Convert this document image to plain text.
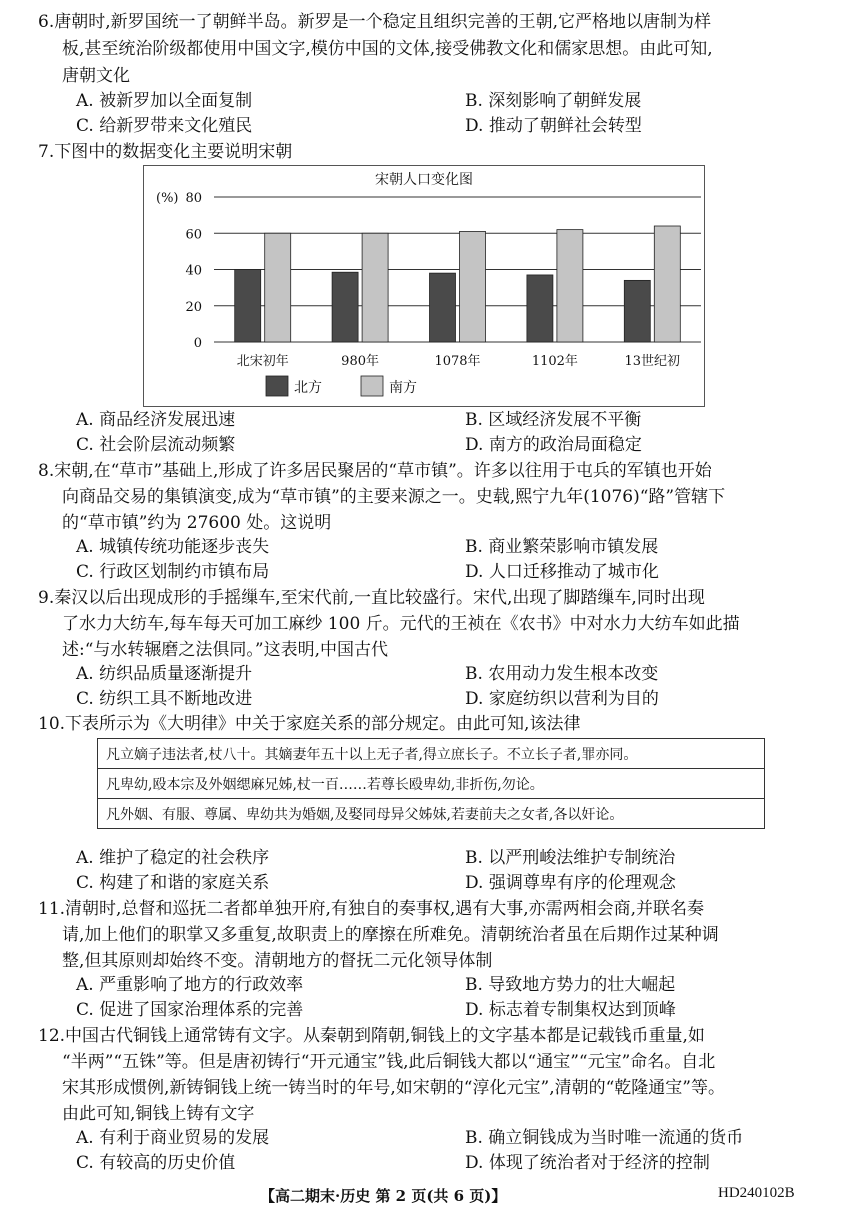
6.唐朝时,新罗国统一了朝鲜半岛。新罗是一个稳定且组织完善的王朝,它严格地以唐制为样
板,甚至统治阶级都使用中国文字,模仿中国的文体,接受佛教文化和儒家思想。由此可知,
唐朝文化
A. 被新罗加以全面复制	B. 深刻影响了朝鲜发展
C. 给新罗带来文化殖民	D. 推动了朝鲜社会转型
7.下图中的数据变化主要说明宋朝
宋朝人口变化图
(%)
0
20
40
60
80
北宋初年	980年	1078年	1102年	13世纪初
北方	南方
A. 商品经济发展迅速	B. 区域经济发展不平衡
C. 社会阶层流动频繁	D. 南方的政治局面稳定
8.宋朝,在“草市”基础上,形成了许多居民聚居的“草市镇”。许多以往用于屯兵的军镇也开始
向商品交易的集镇演变,成为“草市镇”的主要来源之一。史载,熙宁九年(1076)“路”管辖下
的“草市镇”约为 27600 处。这说明
A. 城镇传统功能逐步丧失	B. 商业繁荣影响市镇发展
C. 行政区划制约市镇布局	D. 人口迁移推动了城市化
9.秦汉以后出现成形的手摇缫车,至宋代前,一直比较盛行。宋代,出现了脚踏缫车,同时出现
了水力大纺车,每车每天可加工麻纱 100 斤。元代的王祯在《农书》中对水力大纺车如此描
述:“与水转辗磨之法俱同。”这表明,中国古代
A. 纺织品质量逐渐提升	B. 农用动力发生根本改变
C. 纺织工具不断地改进	D. 家庭纺织以营利为目的
10.下表所示为《大明律》中关于家庭关系的部分规定。由此可知,该法律
凡立嫡子违法者,杖八十。其嫡妻年五十以上无子者,得立庶长子。不立长子者,罪亦同。
凡卑幼,殴本宗及外姻缌麻兄姊,杖一百……若尊长殴卑幼,非折伤,勿论。
凡外姻、有服、尊属、卑幼共为婚姻,及娶同母异父姊妹,若妻前夫之女者,各以奸论。
A. 维护了稳定的社会秩序	B. 以严刑峻法维护专制统治
C. 构建了和谐的家庭关系	D. 强调尊卑有序的伦理观念
11.清朝时,总督和巡抚二者都单独开府,有独自的奏事权,遇有大事,亦需两相会商,并联名奏
请,加上他们的职掌又多重复,故职责上的摩擦在所难免。清朝统治者虽在后期作过某种调
整,但其原则却始终不变。清朝地方的督抚二元化领导体制
A. 严重影响了地方的行政效率	B. 导致地方势力的壮大崛起
C. 促进了国家治理体系的完善	D. 标志着专制集权达到顶峰
12.中国古代铜钱上通常铸有文字。从秦朝到隋朝,铜钱上的文字基本都是记载钱币重量,如
“半两”“五铢”等。但是唐初铸行“开元通宝”钱,此后铜钱大都以“通宝”“元宝”命名。自北
宋其形成惯例,新铸铜钱上统一铸当时的年号,如宋朝的“淳化元宝”,清朝的“乾隆通宝”等。
由此可知,铜钱上铸有文字
A. 有利于商业贸易的发展	B. 确立铜钱成为当时唯一流通的货币
C. 有较高的历史价值	D. 体现了统治者对于经济的控制
【高二期末·历史 第 2 页(共 6 页)】	HD240102B
